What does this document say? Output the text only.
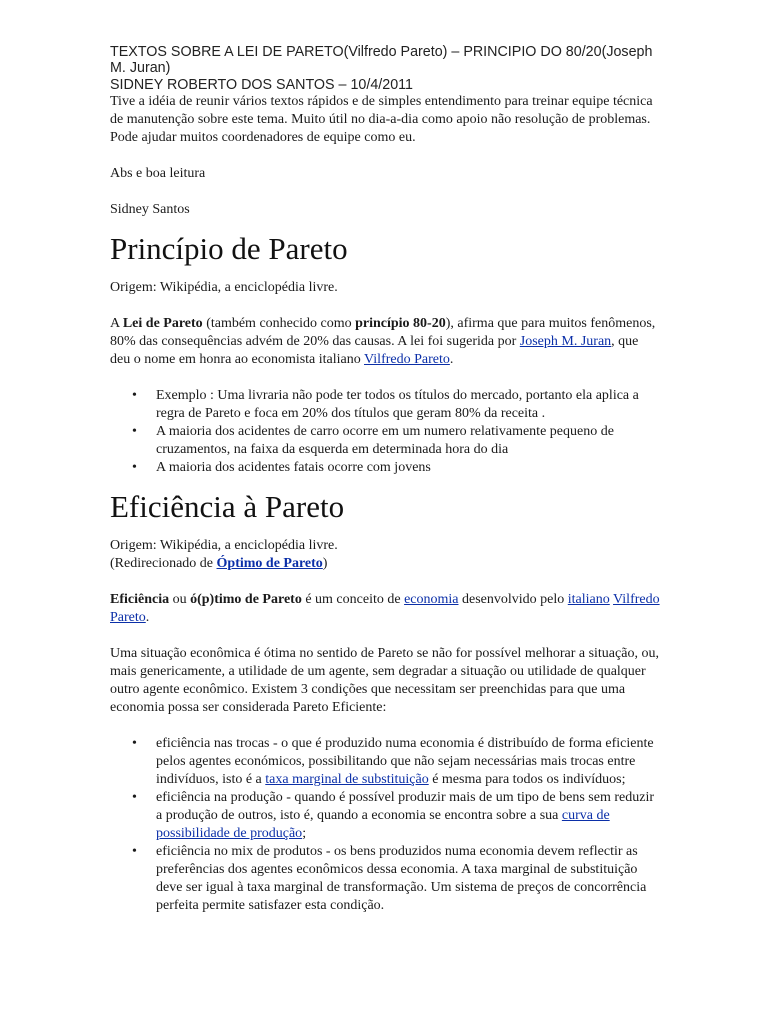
TEXTOS SOBRE A LEI DE PARETO(Vilfredo Pareto) – PRINCIPIO DO 80/20(Joseph M. Juran)
SIDNEY ROBERTO DOS SANTOS – 10/4/2011

Tive a idéia de reunir vários textos rápidos e de simples entendimento para treinar equipe técnica de manutenção sobre este tema. Muito útil no dia-a-dia como apoio não resolução de problemas. Pode ajudar muitos coordenadores de equipe como eu.

Abs e boa leitura

Sidney Santos

Princípio de Pareto

Origem: Wikipédia, a enciclopédia livre.

A Lei de Pareto (também conhecido como princípio 80-20), afirma que para muitos fenômenos, 80% das consequências advém de 20% das causas. A lei foi sugerida por Joseph M. Juran, que deu o nome em honra ao economista italiano Vilfredo Pareto.

• Exemplo : Uma livraria não pode ter todos os títulos do mercado, portanto ela aplica a regra de Pareto e foca em 20% dos títulos que geram 80% da receita .
• A maioria dos acidentes de carro ocorre em um numero relativamente pequeno de cruzamentos, na faixa da esquerda em determinada hora do dia
• A maioria dos acidentes fatais ocorre com jovens
Eficiência à Pareto

Origem: Wikipédia, a enciclopédia livre.

(Redirecionado de Óptimo de Pareto)

Eficiência ou ó(p)timo de Pareto é um conceito de economia desenvolvido pelo italiano Vilfredo Pareto.

Uma situação econômica é ótima no sentido de Pareto se não for possível melhorar a situação, ou, mais genericamente, a utilidade de um agente, sem degradar a situação ou utilidade de qualquer outro agente econômico. Existem 3 condições que necessitam ser preenchidas para que uma economia possa ser considerada Pareto Eficiente:

• eficiência nas trocas - o que é produzido numa economia é distribuído de forma eficiente pelos agentes económicos, possibilitando que não sejam necessárias mais trocas entre indivíduos, isto é a taxa marginal de substituição é mesma para todos os indivíduos;
• eficiência na produção - quando é possível produzir mais de um tipo de bens sem reduzir a produção de outros, isto é, quando a economia se encontra sobre a sua curva de possibilidade de produção;
• eficiência no mix de produtos - os bens produzidos numa economia devem reflectir as preferências dos agentes econômicos dessa economia. A taxa marginal de substituição deve ser igual à taxa marginal de transformação. Um sistema de preços de concorrência perfeita permite satisfazer esta condição.
